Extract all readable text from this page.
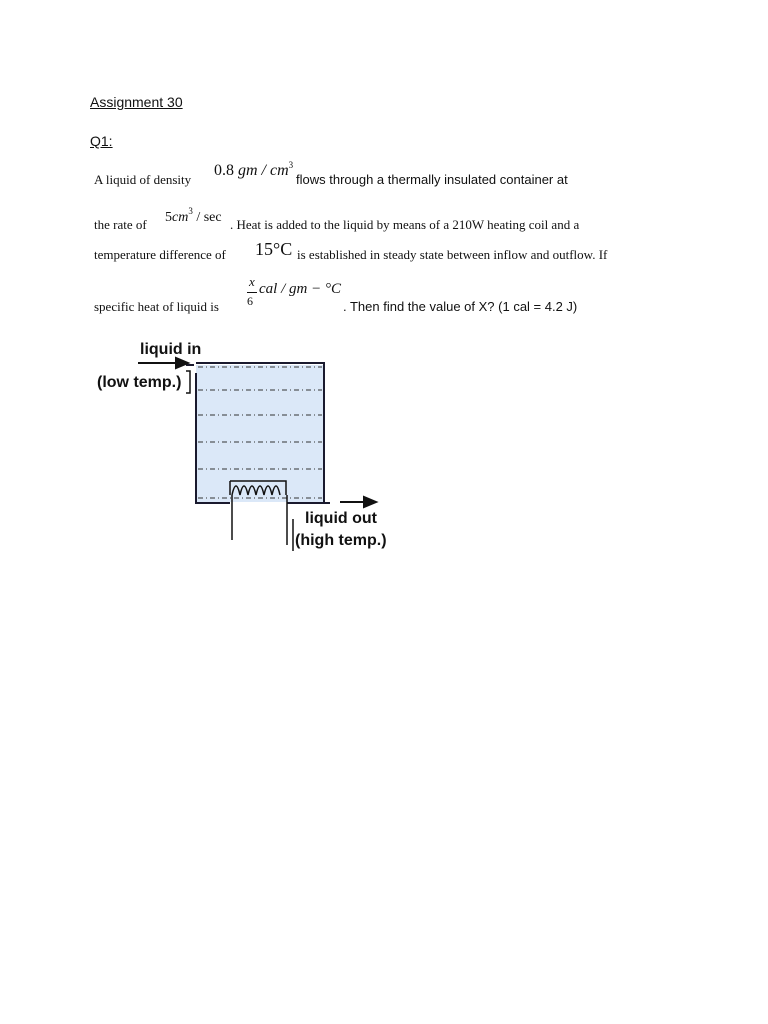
Assignment 30
Q1:
A liquid of density
0.8 gm / $cm^3$
flows through a thermally insulated container at
the rate of $5cm^3$ / sec . Heat is added to the liquid by means of a 210W heating coil and a
temperature difference of 15°C is established in steady state between inflow and outflow. If
specific heat of liquid is
x
6
cal / gm − °C
. Then find the value of X? (1 cal = 4.2 J)
liquid in
(low temp.)
liquid out
(high temp.)
